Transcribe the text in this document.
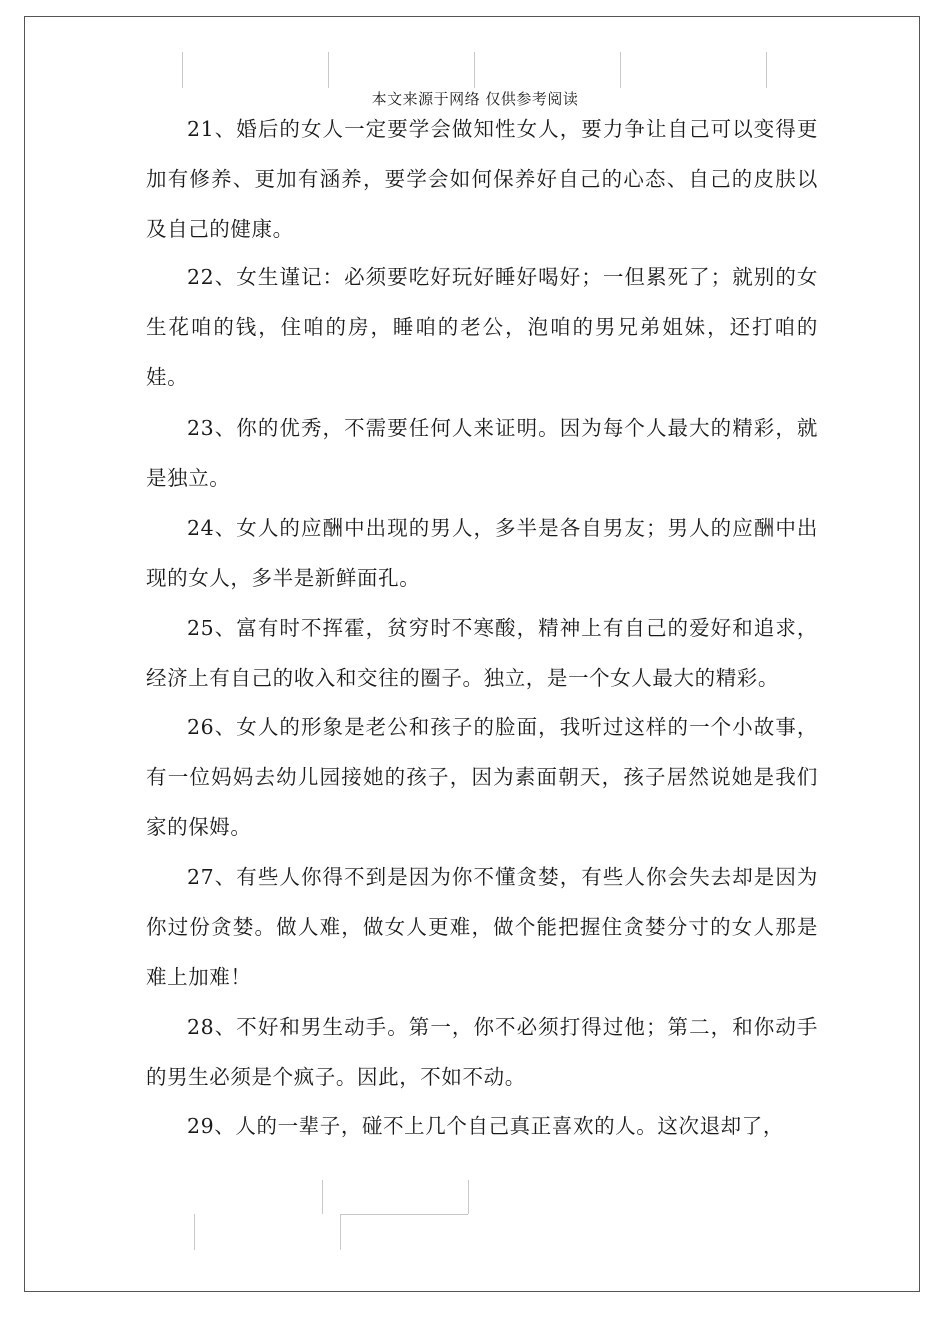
本文来源于网络 仅供参考阅读

21、婚后的女人一定要学会做知性女人，要力争让自己可以变得更加有修养、更加有涵养，要学会如何保养好自己的心态、自己的皮肤以及自己的健康。

22、女生谨记：必须要吃好玩好睡好喝好；一但累死了；就别的女生花咱的钱，住咱的房，睡咱的老公，泡咱的男兄弟姐妹，还打咱的娃。

23、你的优秀，不需要任何人来证明。因为每个人最大的精彩，就是独立。

24、女人的应酬中出现的男人，多半是各自男友；男人的应酬中出现的女人，多半是新鲜面孔。

25、富有时不挥霍，贫穷时不寒酸，精神上有自己的爱好和追求，经济上有自己的收入和交往的圈子。独立，是一个女人最大的精彩。

26、女人的形象是老公和孩子的脸面，我听过这样的一个小故事，有一位妈妈去幼儿园接她的孩子，因为素面朝天，孩子居然说她是我们家的保姆。

27、有些人你得不到是因为你不懂贪婪，有些人你会失去却是因为你过份贪婪。做人难，做女人更难，做个能把握住贪婪分寸的女人那是难上加难！

28、不好和男生动手。第一，你不必须打得过他；第二，和你动手的男生必须是个疯子。因此，不如不动。

29、人的一辈子，碰不上几个自己真正喜欢的人。这次退却了，
